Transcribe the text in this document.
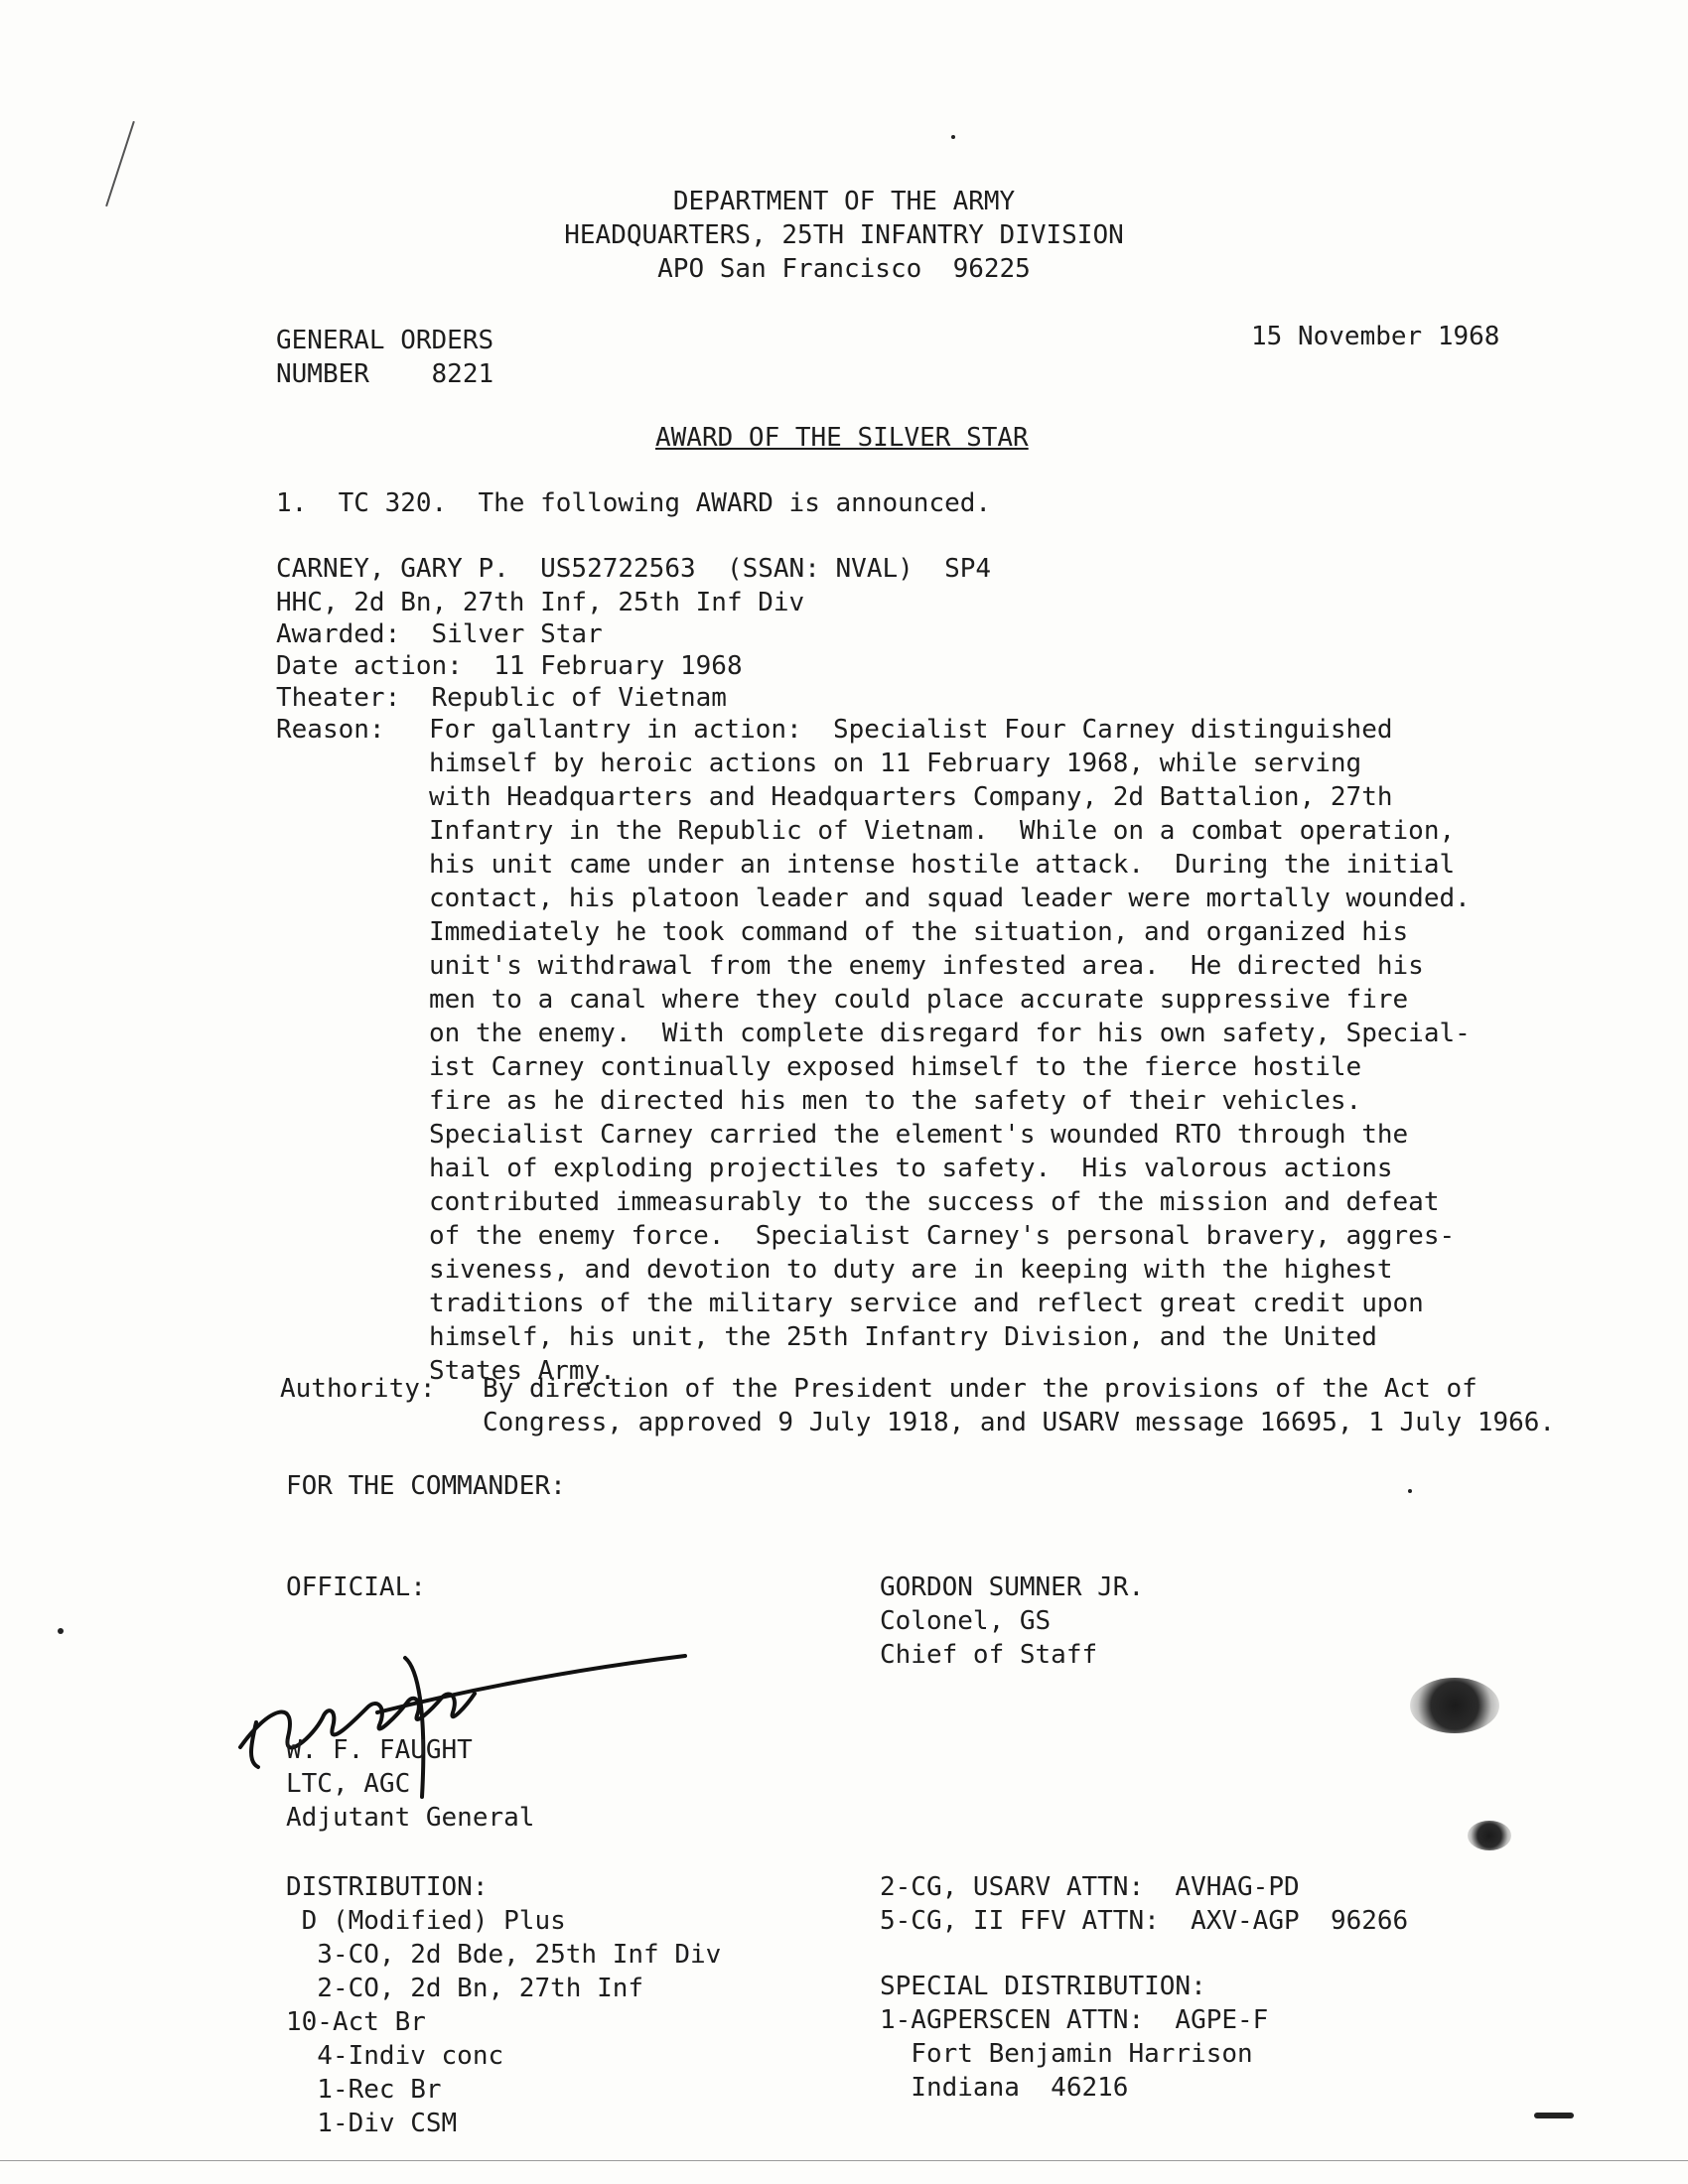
DEPARTMENT OF THE ARMY
HEADQUARTERS, 25TH INFANTRY DIVISION
APO San Francisco  96225
GENERAL ORDERS
NUMBER    8221
15 November 1968
AWARD OF THE SILVER STAR
1.  TC 320.  The following AWARD is announced.
CARNEY, GARY P.  US52722563  (SSAN: NVAL)  SP4
HHC, 2d Bn, 27th Inf, 25th Inf Div
Awarded:  Silver Star
Date action:  11 February 1968
Theater:  Republic of Vietnam
Reason: For gallantry in action:  Specialist Four Carney distinguished
himself by heroic actions on 11 February 1968, while serving
with Headquarters and Headquarters Company, 2d Battalion, 27th
Infantry in the Republic of Vietnam.  While on a combat operation,
his unit came under an intense hostile attack.  During the initial
contact, his platoon leader and squad leader were mortally wounded.
Immediately he took command of the situation, and organized his
unit's withdrawal from the enemy infested area.  He directed his
men to a canal where they could place accurate suppressive fire
on the enemy.  With complete disregard for his own safety, Special-
ist Carney continually exposed himself to the fierce hostile
fire as he directed his men to the safety of their vehicles.
Specialist Carney carried the element's wounded RTO through the
hail of exploding projectiles to safety.  His valorous actions
contributed immeasurably to the success of the mission and defeat
of the enemy force.  Specialist Carney's personal bravery, aggres-
siveness, and devotion to duty are in keeping with the highest
traditions of the military service and reflect great credit upon
himself, his unit, the 25th Infantry Division, and the United
States Army.
Authority: By direction of the President under the provisions of the Act of
Congress, approved 9 July 1918, and USARV message 16695, 1 July 1966.
FOR THE COMMANDER:
OFFICIAL:
W. F. FAUGHT
LTC, AGC
Adjutant General
GORDON SUMNER JR.
Colonel, GS
Chief of Staff
DISTRIBUTION:
D (Modified) Plus
3-CO, 2d Bde, 25th Inf Div
2-CO, 2d Bn, 27th Inf
10-Act Br
4-Indiv conc
1-Rec Br
1-Div CSM
2-CG, USARV ATTN:  AVHAG-PD
5-CG, II FFV ATTN:  AXV-AGP  96266
SPECIAL DISTRIBUTION:
1-AGPERSCEN ATTN:  AGPE-F
Fort Benjamin Harrison
Indiana  46216
